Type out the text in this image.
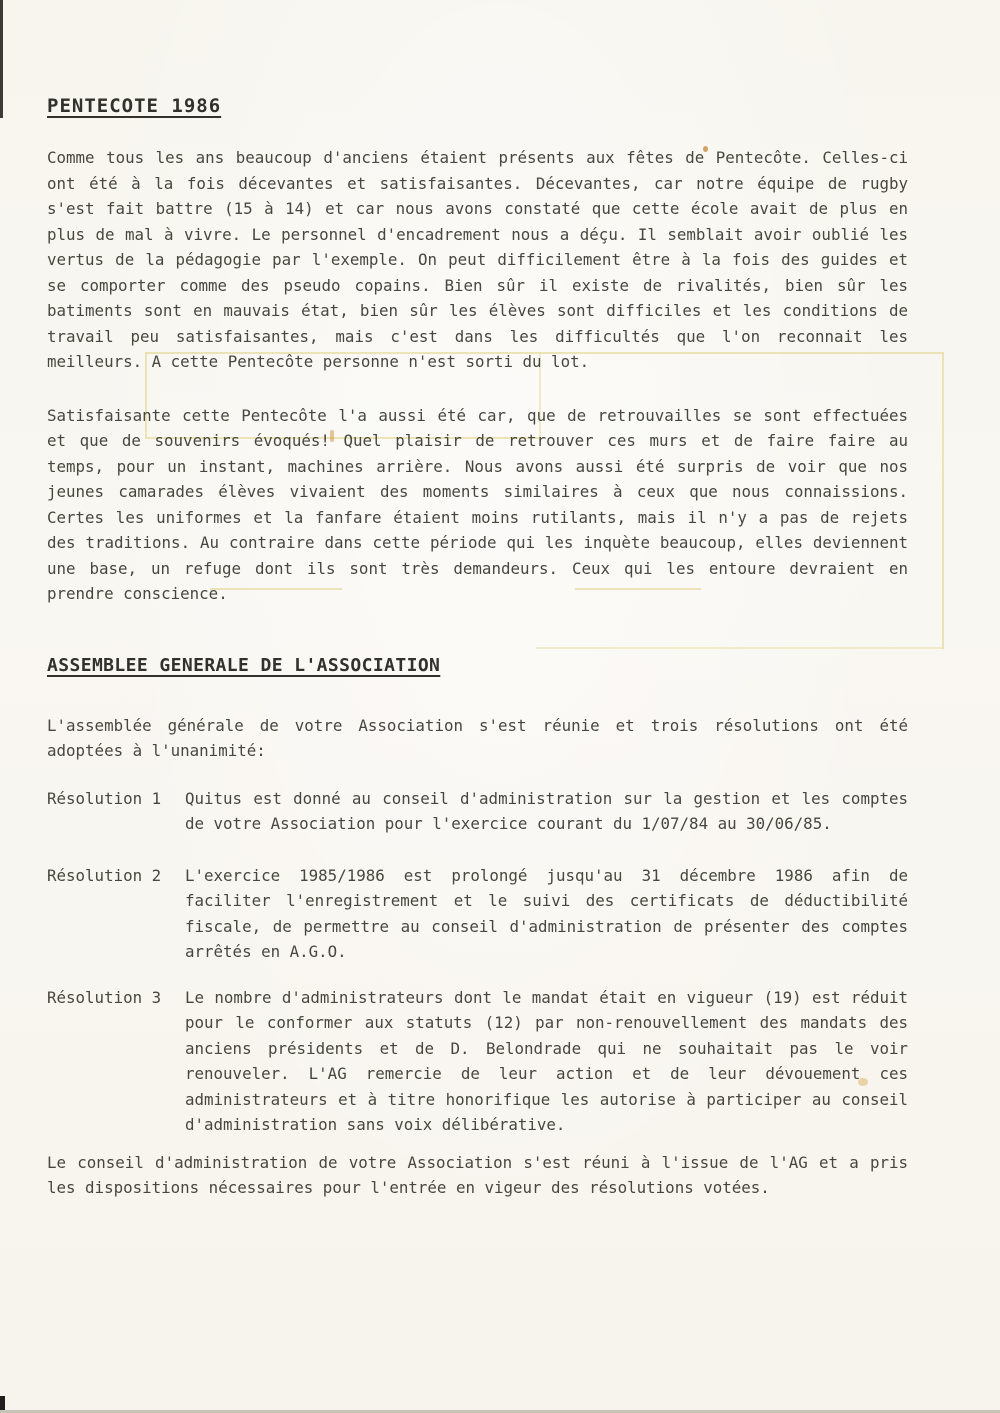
PENTECOTE 1986

Comme tous les ans beaucoup d'anciens étaient présents aux fêtes de Pentecôte. Celles-ci ont été à la fois décevantes et satisfaisantes. Décevantes, car notre équipe de rugby s'est fait battre (15 à 14) et car nous avons constaté que cette école avait de plus en plus de mal à vivre. Le personnel d'encadrement nous a déçu. Il semblait avoir oublié les vertus de la pédagogie par l'exemple. On peut difficilement être à la fois des guides et se comporter comme des pseudo copains. Bien sûr il existe de rivalités, bien sûr les batiments sont en mauvais état, bien sûr les élèves sont difficiles et les conditions de travail peu satisfaisantes, mais c'est dans les difficultés que l'on reconnait les meilleurs. A cette Pentecôte personne n'est sorti du lot.

Satisfaisante cette Pentecôte l'a aussi été car, que de retrouvailles se sont effectuées et que de souvenirs évoqués! Quel plaisir de retrouver ces murs et de faire faire au temps, pour un instant, machines arrière. Nous avons aussi été surpris de voir que nos jeunes camarades élèves vivaient des moments similaires à ceux que nous connaissions. Certes les uniformes et la fanfare étaient moins rutilants, mais il n'y a pas de rejets des traditions. Au contraire dans cette période qui les inquète beaucoup, elles deviennent une base, un refuge dont ils sont très demandeurs. Ceux qui les entoure devraient en prendre conscience.

ASSEMBLEE GENERALE DE L'ASSOCIATION

L'assemblée générale de votre Association s'est réunie et trois résolutions ont été adoptées à l'unanimité:

Résolution 1	Quitus est donné au conseil d'administration sur la gestion et les comptes de votre Association pour l'exercice courant du 1/07/84 au 30/06/85.
Résolution 2	L'exercice 1985/1986 est prolongé jusqu'au 31 décembre 1986 afin de faciliter l'enregistrement et le suivi des certificats de déductibilité fiscale, de permettre au conseil d'administration de présenter des comptes arrêtés en A.G.O.
Résolution 3	Le nombre d'administrateurs dont le mandat était en vigueur (19) est réduit pour le conformer aux statuts (12) par non-renouvellement des mandats des anciens présidents et de D. Belondrade qui ne souhaitait pas le voir renouveler. L'AG remercie de leur action et de leur dévouement ces administrateurs et à titre honorifique les autorise à participer au conseil d'administration sans voix délibérative.

Le conseil d'administration de votre Association s'est réuni à l'issue de l'AG et a pris les dispositions nécessaires pour l'entrée en vigeur des résolutions votées.
